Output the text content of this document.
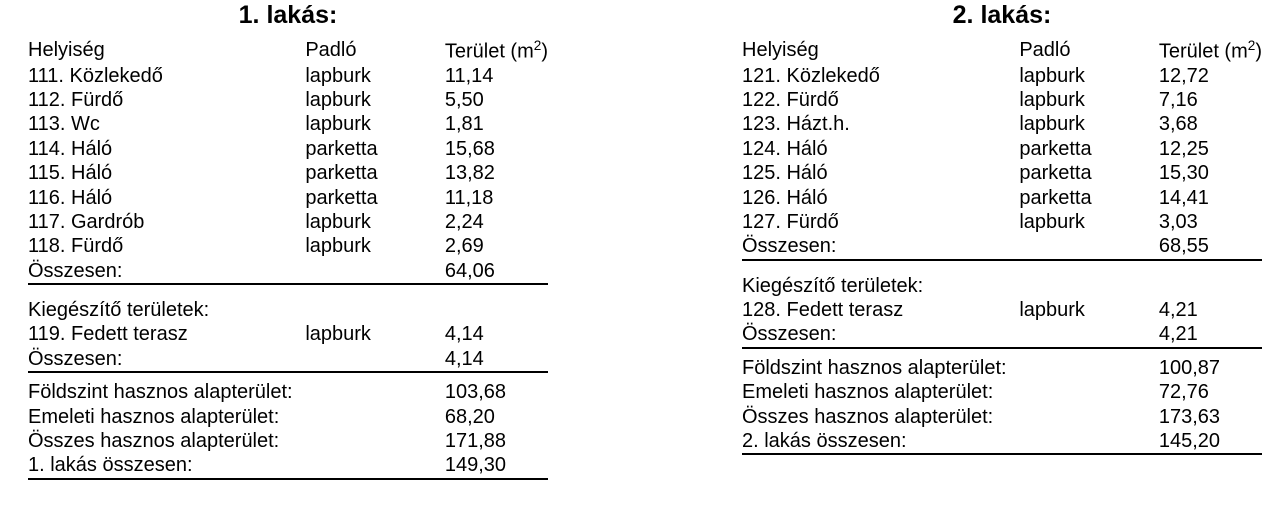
1. lakás:
Helyiség	Padló	Terület $(m^2)$
111. Közlekedő	lapburk	11,14
112. Fürdő	lapburk	5,50
113. Wc	lapburk	1,81
114. Háló	parketta	15,68
115. Háló	parketta	13,82
116. Háló	parketta	11,18
117. Gardrób	lapburk	2,24
118. Fürdő	lapburk	2,69
Összesen:		64,06

Kiegészítő területek:		
119. Fedett terasz	lapburk	4,14
Összesen:		4,14

Földszint hasznos alapterület:		103,68
Emeleti hasznos alapterület:		68,20
Összes hasznos alapterület:		171,88
1. lakás összesen:		149,30
2. lakás:
Helyiség	Padló	Terület $(m^2)$
121. Közlekedő	lapburk	12,72
122. Fürdő	lapburk	7,16
123. Házt.h.	lapburk	3,68
124. Háló	parketta	12,25
125. Háló	parketta	15,30
126. Háló	parketta	14,41
127. Fürdő	lapburk	3,03
Összesen:		68,55

Kiegészítő területek:		
128. Fedett terasz	lapburk	4,21
Összesen:		4,21

Földszint hasznos alapterület:		100,87
Emeleti hasznos alapterület:		72,76
Összes hasznos alapterület:		173,63
2. lakás összesen:		145,20
